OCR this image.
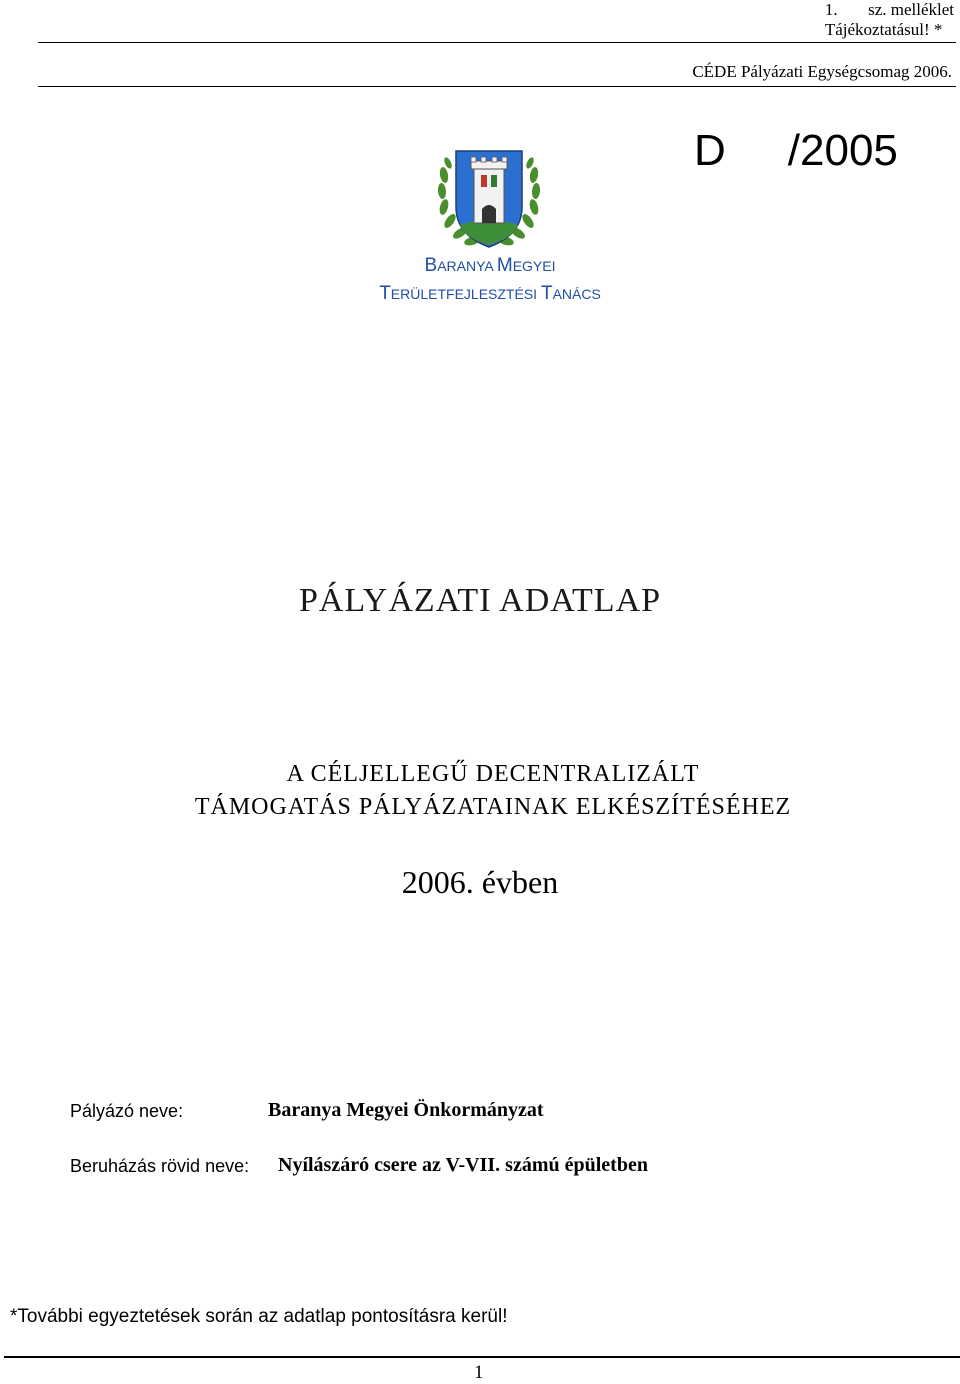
1. sz. melléklet
Tájékoztatásul! *
CÉDE Pályázati Egységcsomag 2006.
D /2005
BARANYA MEGYEI
TERÜLETFEJLESZTÉSI TANÁCS
PÁLYÁZATI ADATLAP
A CÉLJELLEGŰ DECENTRALIZÁLT
TÁMOGATÁS PÁLYÁZATAINAK ELKÉSZÍTÉSÉHEZ
2006. évben
Pályázó neve:	Baranya Megyei Önkormányzat
Beruházás rövid neve: Nyílászáró csere az V-VII. számú épületben
*További egyeztetések során az adatlap pontosításra kerül!
1
